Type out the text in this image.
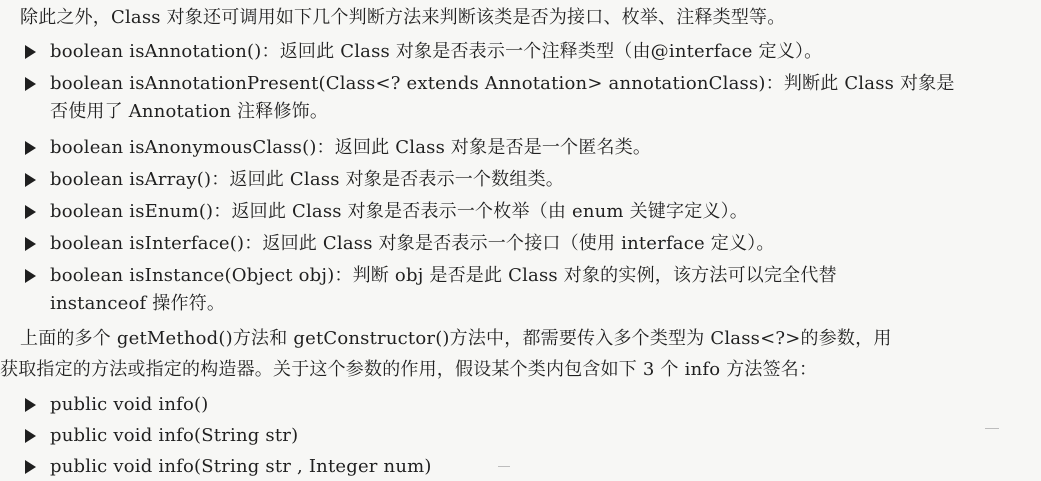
除此之外，Class 对象还可调用如下几个判断方法来判断该类是否为接口、枚举、注释类型等。
boolean isAnnotation()：返回此 Class 对象是否表示一个注释类型（由@interface 定义）。
boolean isAnnotationPresent(Class<? extends Annotation> annotationClass)：判断此 Class 对象是
否使用了 Annotation 注释修饰。
boolean isAnonymousClass()：返回此 Class 对象是否是一个匿名类。
boolean isArray()：返回此 Class 对象是否表示一个数组类。
boolean isEnum()：返回此 Class 对象是否表示一个枚举（由 enum 关键字定义）。
boolean isInterface()：返回此 Class 对象是否表示一个接口（使用 interface 定义）。
boolean isInstance(Object obj)：判断 obj 是否是此 Class 对象的实例，该方法可以完全代替
instanceof 操作符。
上面的多个 getMethod()方法和 getConstructor()方法中，都需要传入多个类型为 Class<?>的参数，用
获取指定的方法或指定的构造器。关于这个参数的作用，假设某个类内包含如下 3 个 info 方法签名：
public void info()
public void info(String str)
public void info(String str , Integer num)
